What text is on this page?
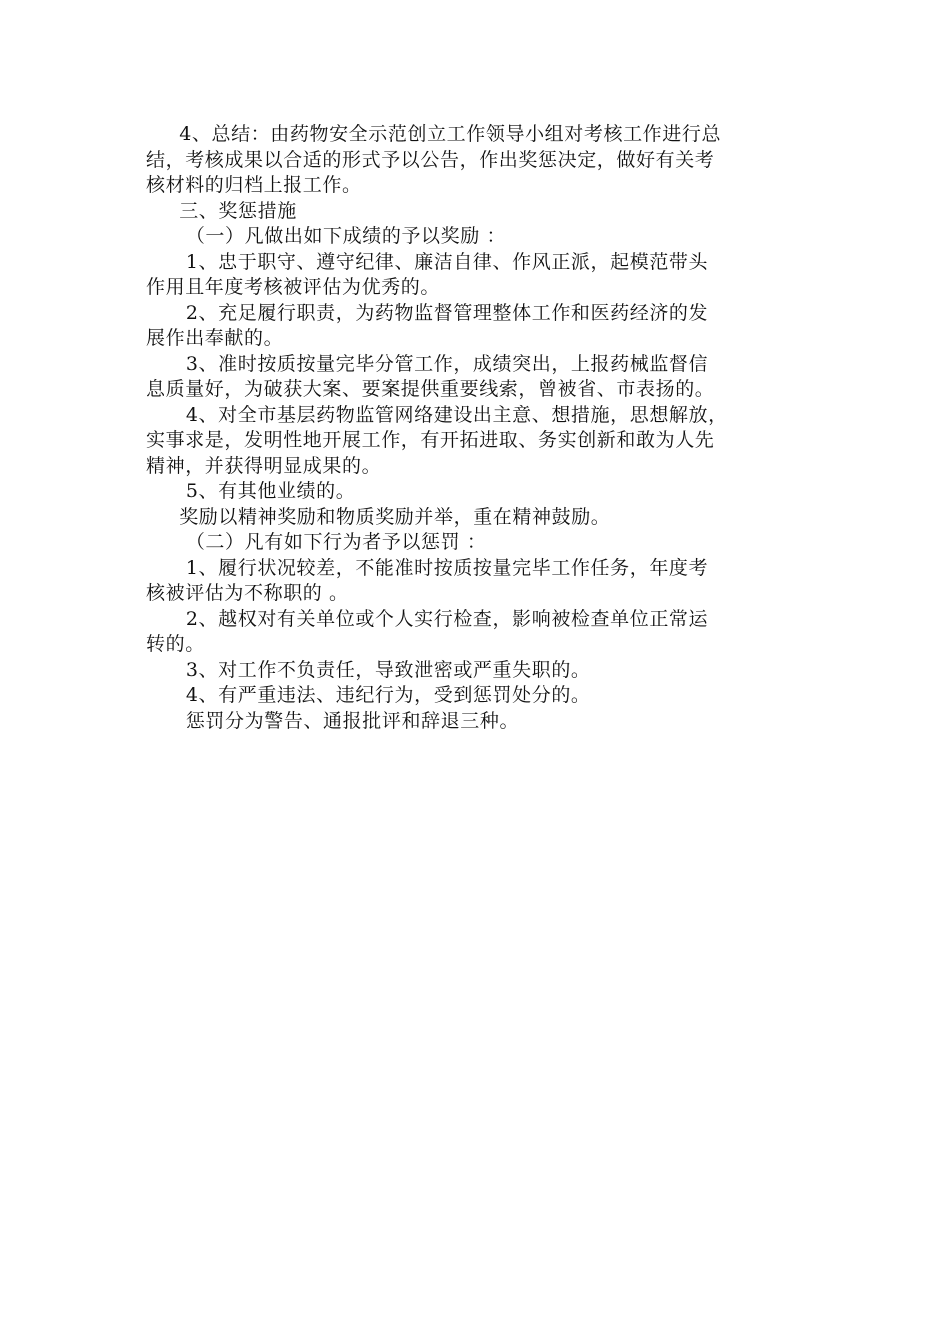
4、总结：由药物安全示范创立工作领导小组对考核工作进行总
结，考核成果以合适的形式予以公告，作出奖惩决定，做好有关考
核材料的归档上报工作。
三、奖惩措施
（一）凡做出如下成绩的予以奖励 ：
1、忠于职守、遵守纪律、廉洁自律、作风正派，起模范带头
作用且年度考核被评估为优秀的。
2、充足履行职责，为药物监督管理整体工作和医药经济的发
展作出奉献的。
3、准时按质按量完毕分管工作，成绩突出，上报药械监督信
息质量好，为破获大案、要案提供重要线索，曾被省、市表扬的。
4、对全市基层药物监管网络建设出主意、想措施，思想解放，
实事求是，发明性地开展工作，有开拓进取、务实创新和敢为人先
精神，并获得明显成果的。
5、有其他业绩的。
奖励以精神奖励和物质奖励并举，重在精神鼓励。
（二）凡有如下行为者予以惩罚 ：
1、履行状况较差，不能准时按质按量完毕工作任务，年度考
核被评估为不称职的 。
2、越权对有关单位或个人实行检查，影响被检查单位正常运
转的。
3、对工作不负责任，导致泄密或严重失职的。
4、有严重违法、违纪行为，受到惩罚处分的。
惩罚分为警告、通报批评和辞退三种。
